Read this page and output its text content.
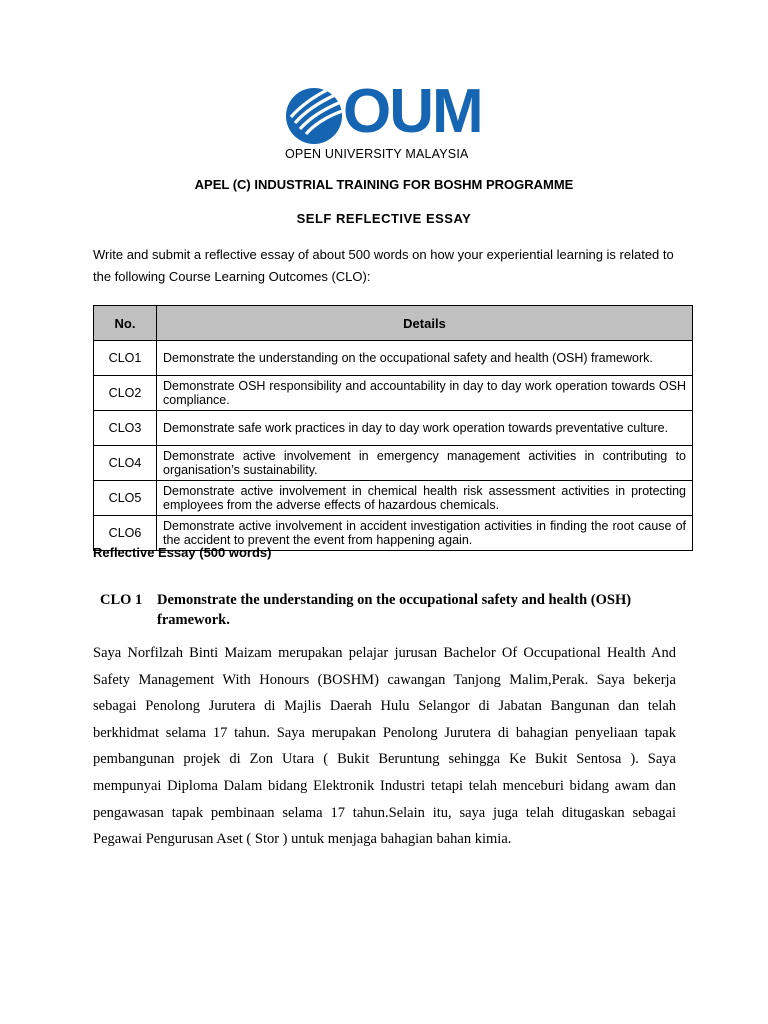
OUM
OPEN UNIVERSITY MALAYSIA
APEL (C) INDUSTRIAL TRAINING FOR BOSHM PROGRAMME
SELF REFLECTIVE ESSAY
Write and submit a reflective essay of about 500 words on how your experiential learning is related to the following Course Learning Outcomes (CLO):
No.	Details
CLO1	Demonstrate the understanding on the occupational safety and health (OSH) framework.
CLO2	Demonstrate OSH responsibility and accountability in day to day work operation towards OSH compliance.
CLO3	Demonstrate safe work practices in day to day work operation towards preventative culture.
CLO4	Demonstrate active involvement in emergency management activities in contributing to organisation’s sustainability.
CLO5	Demonstrate active involvement in chemical health risk assessment activities in protecting employees from the adverse effects of hazardous chemicals.
CLO6	Demonstrate active involvement in accident investigation activities in finding the root cause of the accident to prevent the event from happening again.
Reflective Essay (500 words)
CLO 1 Demonstrate the understanding on the occupational safety and health (OSH) framework.

Saya Norfilzah Binti Maizam merupakan pelajar jurusan Bachelor Of Occupational Health And Safety Management With Honours (BOSHM) cawangan Tanjong Malim,Perak. Saya bekerja sebagai Penolong Jurutera di Majlis Daerah Hulu Selangor di Jabatan Bangunan dan telah berkhidmat selama 17 tahun. Saya merupakan Penolong Jurutera di bahagian penyeliaan tapak pembangunan projek di Zon Utara ( Bukit Beruntung sehingga Ke Bukit Sentosa ). Saya mempunyai Diploma Dalam bidang Elektronik Industri tetapi telah menceburi bidang awam dan pengawasan tapak pembinaan selama 17 tahun.Selain itu, saya juga telah ditugaskan sebagai Pegawai Pengurusan Aset ( Stor ) untuk menjaga bahagian bahan kimia.
